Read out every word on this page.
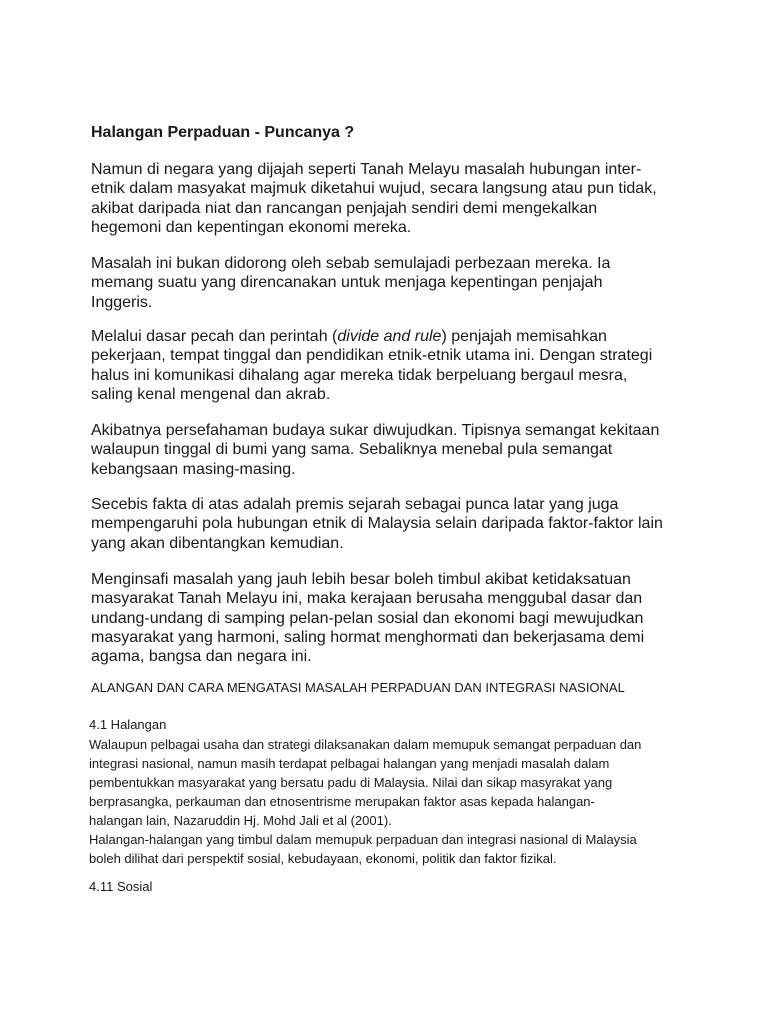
Halangan Perpaduan - Puncanya ?

Namun di negara yang dijajah seperti Tanah Melayu masalah hubungan inter-
etnik dalam masyakat majmuk diketahui wujud, secara langsung atau pun tidak,
akibat daripada niat dan rancangan penjajah sendiri demi mengekalkan
hegemoni dan kepentingan ekonomi mereka.

Masalah ini bukan didorong oleh sebab semulajadi perbezaan mereka. Ia
memang suatu yang direncanakan untuk menjaga kepentingan penjajah
Inggeris.

Melalui dasar pecah dan perintah (divide and rule) penjajah memisahkan
pekerjaan, tempat tinggal dan pendidikan etnik-etnik utama ini. Dengan strategi
halus ini komunikasi dihalang agar mereka tidak berpeluang bergaul mesra,
saling kenal mengenal dan akrab.

Akibatnya persefahaman budaya sukar diwujudkan. Tipisnya semangat kekitaan
walaupun tinggal di bumi yang sama. Sebaliknya menebal pula semangat
kebangsaan masing-masing.

Secebis fakta di atas adalah premis sejarah sebagai punca latar yang juga
mempengaruhi pola hubungan etnik di Malaysia selain daripada faktor-faktor lain
yang akan dibentangkan kemudian.

Menginsafi masalah yang jauh lebih besar boleh timbul akibat ketidaksatuan
masyarakat Tanah Melayu ini, maka kerajaan berusaha menggubal dasar dan
undang-undang di samping pelan-pelan sosial dan ekonomi bagi mewujudkan
masyarakat yang harmoni, saling hormat menghormati dan bekerjasama demi
agama, bangsa dan negara ini.

ALANGAN DAN CARA MENGATASI MASALAH PERPADUAN DAN INTEGRASI NASIONAL

4.1 Halangan

Walaupun pelbagai usaha dan strategi dilaksanakan dalam memupuk semangat perpaduan dan
integrasi nasional, namun masih terdapat pelbagai halangan yang menjadi masalah dalam
pembentukkan masyarakat yang bersatu padu di Malaysia. Nilai dan sikap masyrakat yang
berprasangka, perkauman dan etnosentrisme merupakan faktor asas kepada halangan-
halangan lain, Nazaruddin Hj. Mohd Jali et al (2001).
Halangan-halangan yang timbul dalam memupuk perpaduan dan integrasi nasional di Malaysia
boleh dilihat dari perspektif sosial, kebudayaan, ekonomi, politik dan faktor fizikal.

4.11 Sosial
